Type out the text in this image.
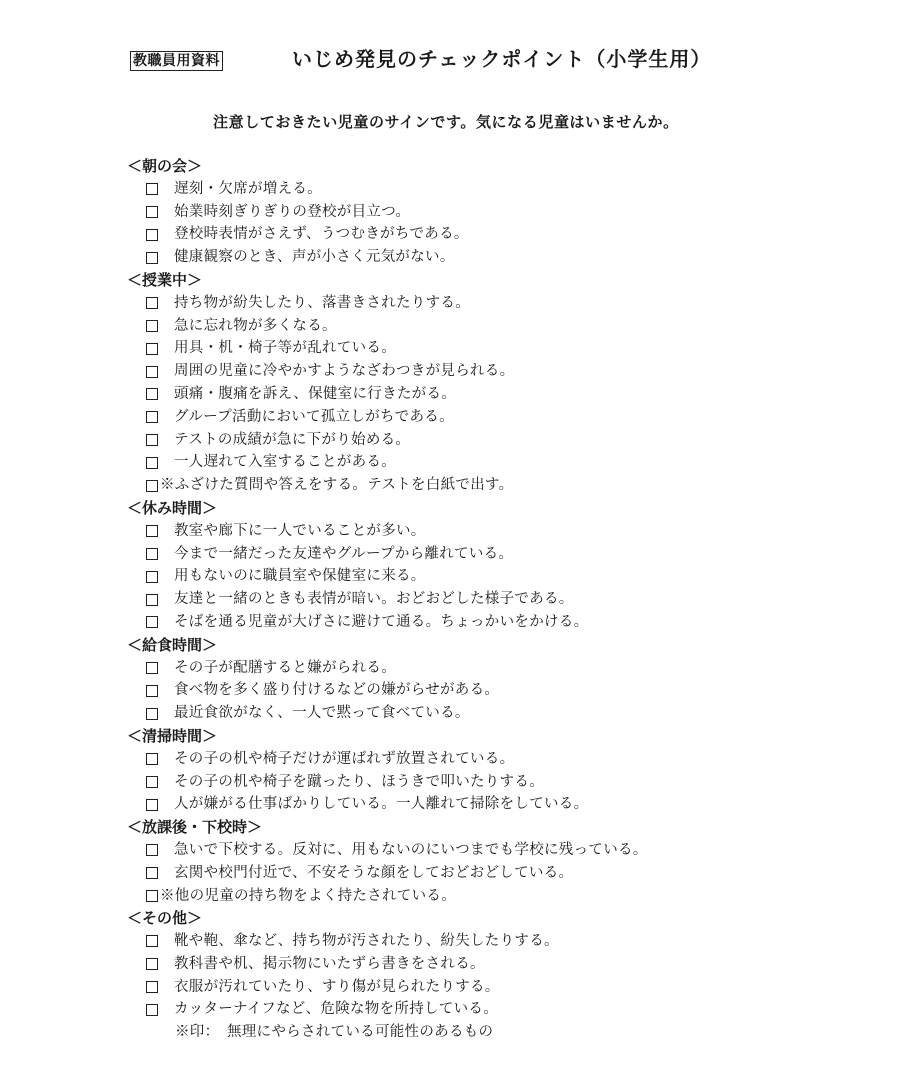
教職員用資料	いじめ発見のチェックポイント（小学生用）
注意しておきたい児童のサインです。気になる児童はいませんか。
＜朝の会＞
遅刻・欠席が増える。
始業時刻ぎりぎりの登校が目立つ。
登校時表情がさえず、うつむきがちである。
健康観察のとき、声が小さく元気がない。
＜授業中＞
持ち物が紛失したり、落書きされたりする。
急に忘れ物が多くなる。
用具・机・椅子等が乱れている。
周囲の児童に冷やかすようなざわつきが見られる。
頭痛・腹痛を訴え、保健室に行きたがる。
グループ活動において孤立しがちである。
テストの成績が急に下がり始める。
一人遅れて入室することがある。
※ふざけた質問や答えをする。テストを白紙で出す。
＜休み時間＞
教室や廊下に一人でいることが多い。
今まで一緒だった友達やグループから離れている。
用もないのに職員室や保健室に来る。
友達と一緒のときも表情が暗い。おどおどした様子である。
そばを通る児童が大げさに避けて通る。ちょっかいをかける。
＜給食時間＞
その子が配膳すると嫌がられる。
食べ物を多く盛り付けるなどの嫌がらせがある。
最近食欲がなく、一人で黙って食べている。
＜清掃時間＞
その子の机や椅子だけが運ばれず放置されている。
その子の机や椅子を蹴ったり、ほうきで叩いたりする。
人が嫌がる仕事ばかりしている。一人離れて掃除をしている。
＜放課後・下校時＞
急いで下校する。反対に、用もないのにいつまでも学校に残っている。
玄関や校門付近で、不安そうな顔をしておどおどしている。
※他の児童の持ち物をよく持たされている。
＜その他＞
靴や鞄、傘など、持ち物が汚されたり、紛失したりする。
教科書や机、掲示物にいたずら書きをされる。
衣服が汚れていたり、すり傷が見られたりする。
カッターナイフなど、危険な物を所持している。
※印：　無理にやらされている可能性のあるもの
